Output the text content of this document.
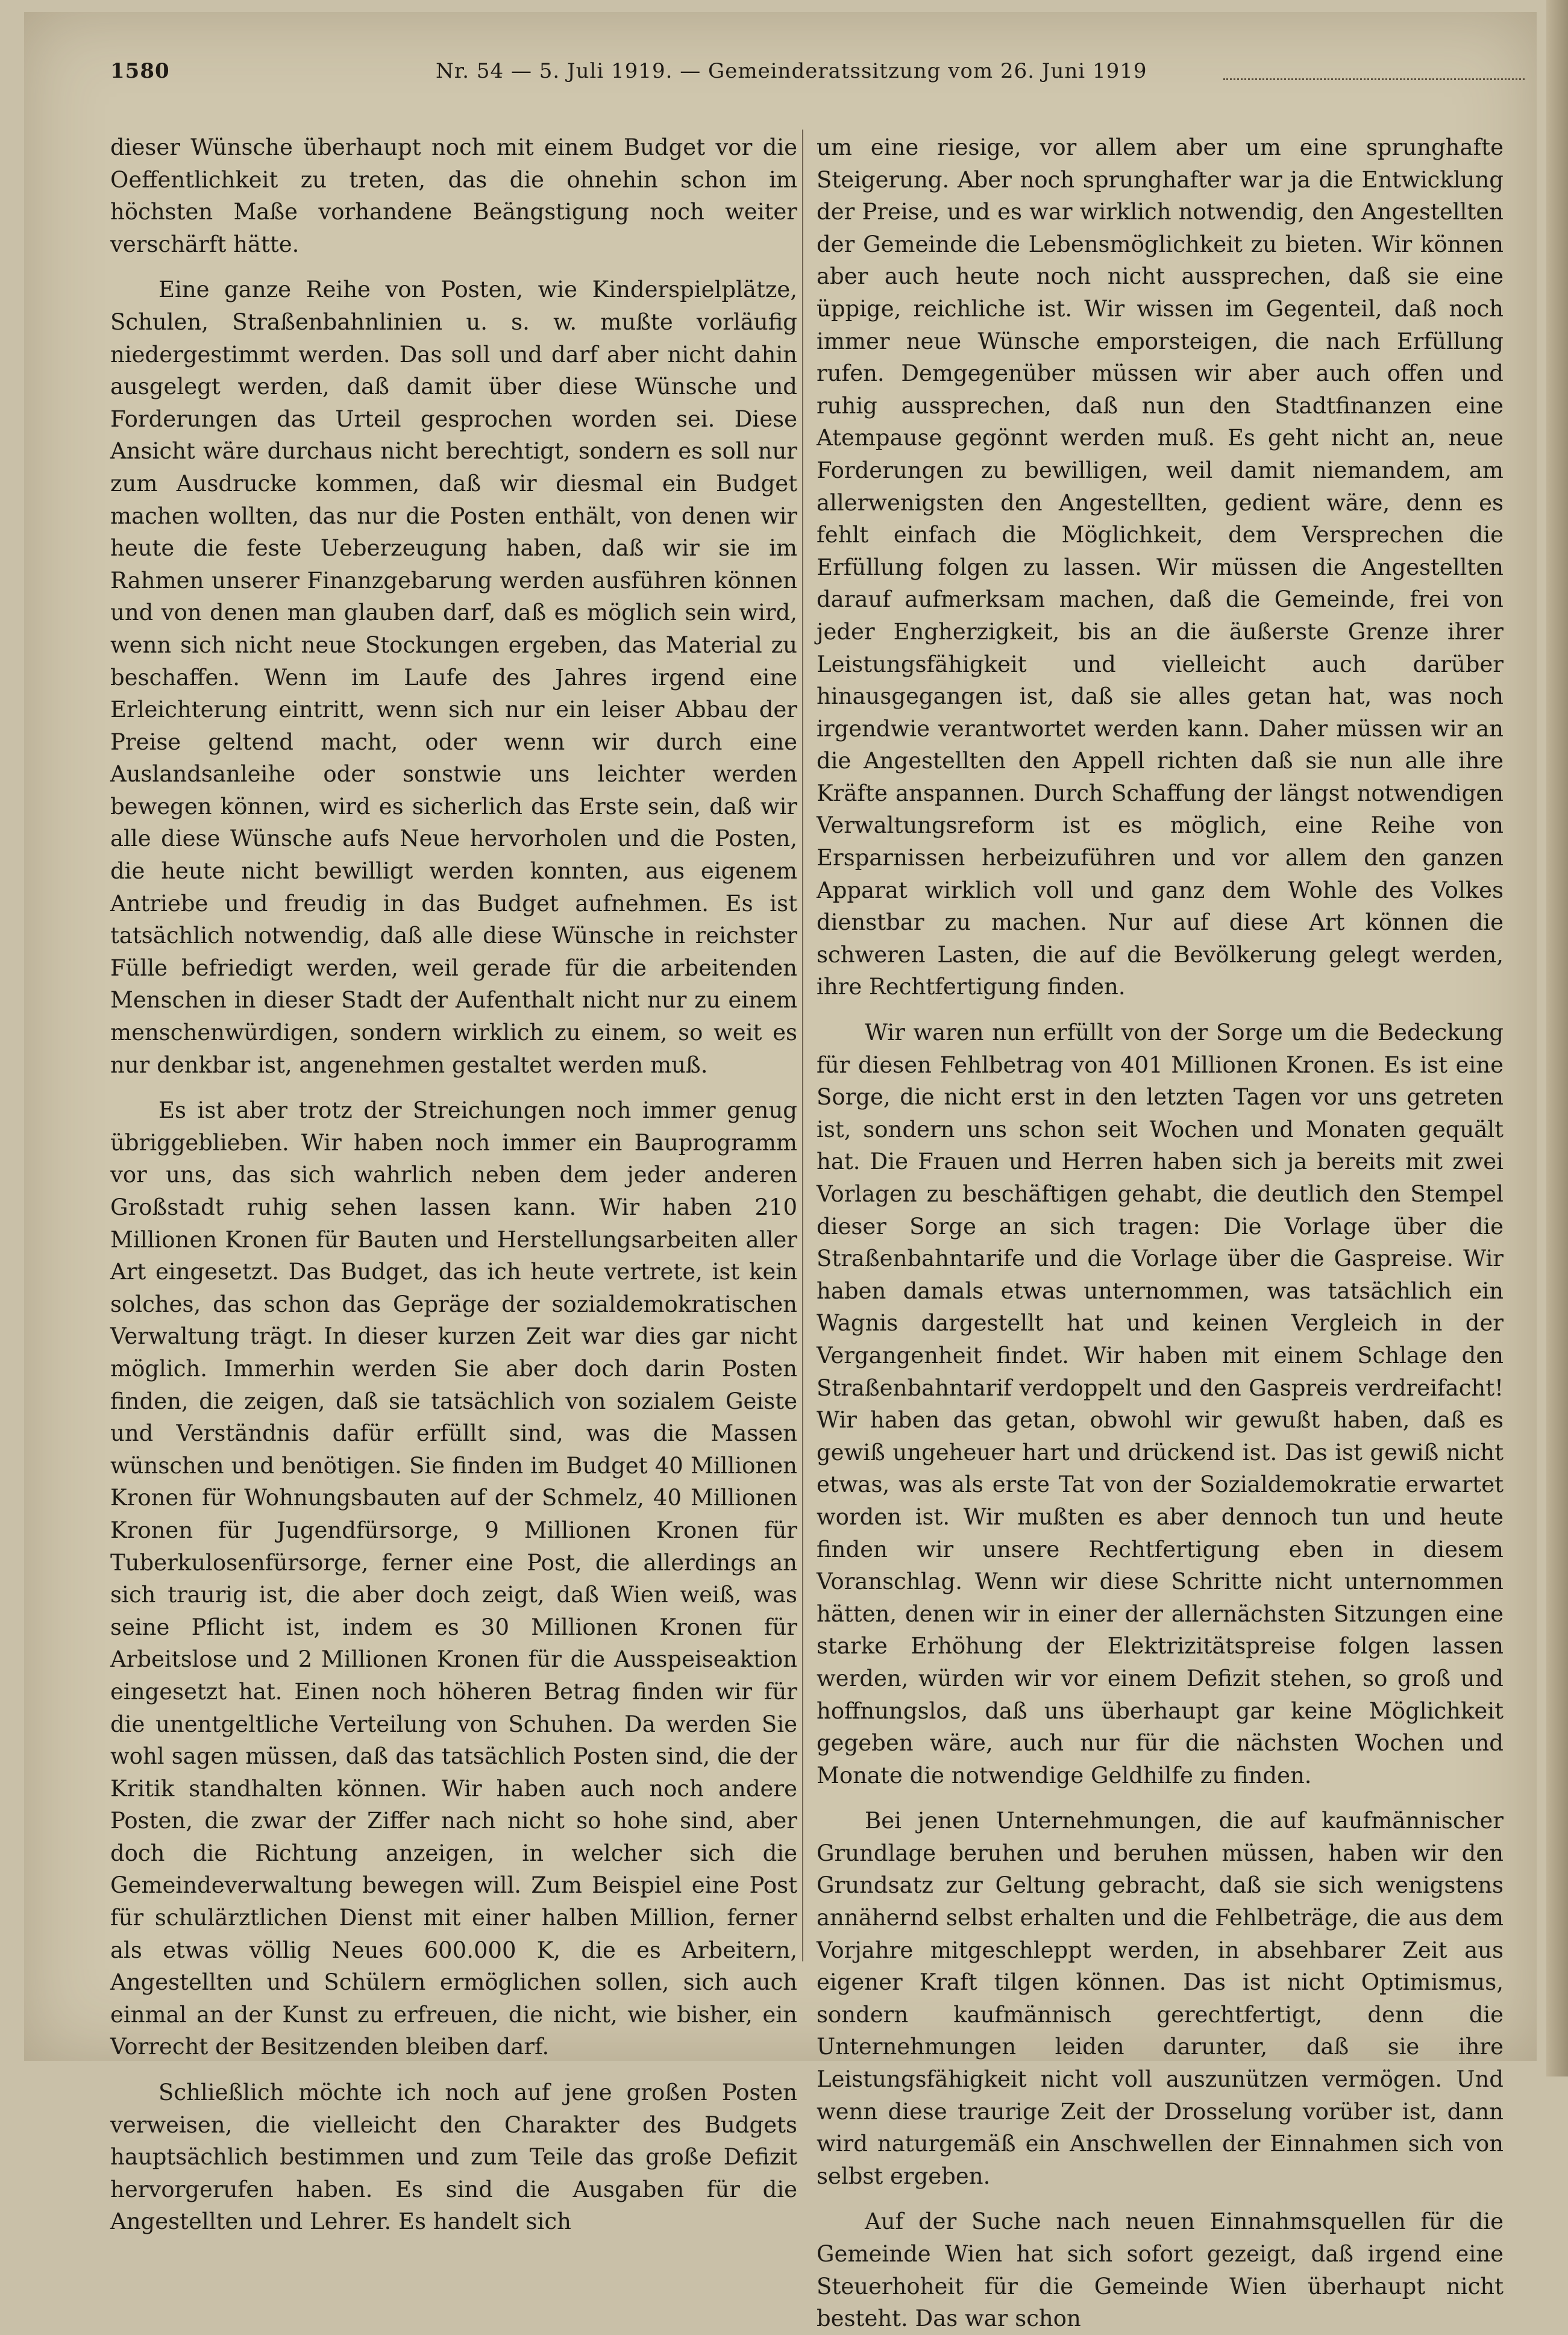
1580	Nr. 54 — 5. Juli 1919. — Gemeinderatssitzung vom 26. Juni 1919

dieser Wünsche überhaupt noch mit einem Budget vor die Oeffentlichkeit zu treten, das die ohnehin schon im höchsten Maße vorhandene Beängstigung noch weiter verschärft hätte.

Eine ganze Reihe von Posten, wie Kinderspielplätze, Schulen, Straßenbahnlinien u. s. w. mußte vorläufig niedergestimmt werden. Das soll und darf aber nicht dahin ausgelegt werden, daß damit über diese Wünsche und Forderungen das Urteil gesprochen worden sei. Diese Ansicht wäre durchaus nicht berechtigt, sondern es soll nur zum Ausdrucke kommen, daß wir diesmal ein Budget machen wollten, das nur die Posten enthält, von denen wir heute die feste Ueberzeugung haben, daß wir sie im Rahmen unserer Finanzgebarung werden ausführen können und von denen man glauben darf, daß es möglich sein wird, wenn sich nicht neue Stockungen ergeben, das Material zu beschaffen. Wenn im Laufe des Jahres irgend eine Erleichterung eintritt, wenn sich nur ein leiser Abbau der Preise geltend macht, oder wenn wir durch eine Auslandsanleihe oder sonstwie uns leichter werden bewegen können, wird es sicherlich das Erste sein, daß wir alle diese Wünsche aufs Neue hervorholen und die Posten, die heute nicht bewilligt werden konnten, aus eigenem Antriebe und freudig in das Budget aufnehmen. Es ist tatsächlich notwendig, daß alle diese Wünsche in reichster Fülle befriedigt werden, weil gerade für die arbeitenden Menschen in dieser Stadt der Aufenthalt nicht nur zu einem menschenwürdigen, sondern wirklich zu einem, so weit es nur denkbar ist, angenehmen gestaltet werden muß.

Es ist aber trotz der Streichungen noch immer genug übriggeblieben. Wir haben noch immer ein Bauprogramm vor uns, das sich wahrlich neben dem jeder anderen Großstadt ruhig sehen lassen kann. Wir haben 210 Millionen Kronen für Bauten und Herstellungsarbeiten aller Art eingesetzt. Das Budget, das ich heute vertrete, ist kein solches, das schon das Gepräge der sozialdemokratischen Verwaltung trägt. In dieser kurzen Zeit war dies gar nicht möglich. Immerhin werden Sie aber doch darin Posten finden, die zeigen, daß sie tatsächlich von sozialem Geiste und Verständnis dafür erfüllt sind, was die Massen wünschen und benötigen. Sie finden im Budget 40 Millionen Kronen für Wohnungsbauten auf der Schmelz, 40 Millionen Kronen für Jugendfürsorge, 9 Millionen Kronen für Tuberkulosenfürsorge, ferner eine Post, die allerdings an sich traurig ist, die aber doch zeigt, daß Wien weiß, was seine Pflicht ist, indem es 30 Millionen Kronen für Arbeitslose und 2 Millionen Kronen für die Ausspeiseaktion eingesetzt hat. Einen noch höheren Betrag finden wir für die unentgeltliche Verteilung von Schuhen. Da werden Sie wohl sagen müssen, daß das tatsächlich Posten sind, die der Kritik standhalten können. Wir haben auch noch andere Posten, die zwar der Ziffer nach nicht so hohe sind, aber doch die Richtung anzeigen, in welcher sich die Gemeindeverwaltung bewegen will. Zum Beispiel eine Post für schulärztlichen Dienst mit einer halben Million, ferner als etwas völlig Neues 600.000 K, die es Arbeitern, Angestellten und Schülern ermöglichen sollen, sich auch einmal an der Kunst zu erfreuen, die nicht, wie bisher, ein Vorrecht der Besitzenden bleiben darf.

Schließlich möchte ich noch auf jene großen Posten verweisen, die vielleicht den Charakter des Budgets hauptsächlich bestimmen und zum Teile das große Defizit hervorgerufen haben. Es sind die Ausgaben für die Angestellten und Lehrer. Es handelt sich

um eine riesige, vor allem aber um eine sprunghafte Steigerung. Aber noch sprunghafter war ja die Entwicklung der Preise, und es war wirklich notwendig, den Angestellten der Gemeinde die Lebensmöglichkeit zu bieten. Wir können aber auch heute noch nicht aussprechen, daß sie eine üppige, reichliche ist. Wir wissen im Gegenteil, daß noch immer neue Wünsche emporsteigen, die nach Erfüllung rufen. Demgegenüber müssen wir aber auch offen und ruhig aussprechen, daß nun den Stadtfinanzen eine Atempause gegönnt werden muß. Es geht nicht an, neue Forderungen zu bewilligen, weil damit niemandem, am allerwenigsten den Angestellten, gedient wäre, denn es fehlt einfach die Möglichkeit, dem Versprechen die Erfüllung folgen zu lassen. Wir müssen die Angestellten darauf aufmerksam machen, daß die Gemeinde, frei von jeder Engherzigkeit, bis an die äußerste Grenze ihrer Leistungsfähigkeit und vielleicht auch darüber hinausgegangen ist, daß sie alles getan hat, was noch irgendwie verantwortet werden kann. Daher müssen wir an die Angestellten den Appell richten daß sie nun alle ihre Kräfte anspannen. Durch Schaffung der längst notwendigen Verwaltungsreform ist es möglich, eine Reihe von Ersparnissen herbeizuführen und vor allem den ganzen Apparat wirklich voll und ganz dem Wohle des Volkes dienstbar zu machen. Nur auf diese Art können die schweren Lasten, die auf die Bevölkerung gelegt werden, ihre Rechtfertigung finden.

Wir waren nun erfüllt von der Sorge um die Bedeckung für diesen Fehlbetrag von 401 Millionen Kronen. Es ist eine Sorge, die nicht erst in den letzten Tagen vor uns getreten ist, sondern uns schon seit Wochen und Monaten gequält hat. Die Frauen und Herren haben sich ja bereits mit zwei Vorlagen zu beschäftigen gehabt, die deutlich den Stempel dieser Sorge an sich tragen: Die Vorlage über die Straßenbahntarife und die Vorlage über die Gaspreise. Wir haben damals etwas unternommen, was tatsächlich ein Wagnis dargestellt hat und keinen Vergleich in der Vergangenheit findet. Wir haben mit einem Schlage den Straßenbahntarif verdoppelt und den Gaspreis verdreifacht! Wir haben das getan, obwohl wir gewußt haben, daß es gewiß ungeheuer hart und drückend ist. Das ist gewiß nicht etwas, was als erste Tat von der Sozialdemokratie erwartet worden ist. Wir mußten es aber dennoch tun und heute finden wir unsere Rechtfertigung eben in diesem Voranschlag. Wenn wir diese Schritte nicht unternommen hätten, denen wir in einer der allernächsten Sitzungen eine starke Erhöhung der Elektrizitätspreise folgen lassen werden, würden wir vor einem Defizit stehen, so groß und hoffnungslos, daß uns überhaupt gar keine Möglichkeit gegeben wäre, auch nur für die nächsten Wochen und Monate die notwendige Geldhilfe zu finden.

Bei jenen Unternehmungen, die auf kaufmännischer Grundlage beruhen und beruhen müssen, haben wir den Grundsatz zur Geltung gebracht, daß sie sich wenigstens annähernd selbst erhalten und die Fehlbeträge, die aus dem Vorjahre mitgeschleppt werden, in absehbarer Zeit aus eigener Kraft tilgen können. Das ist nicht Optimismus, sondern kaufmännisch gerechtfertigt, denn die Unternehmungen leiden darunter, daß sie ihre Leistungsfähigkeit nicht voll auszunützen vermögen. Und wenn diese traurige Zeit der Drosselung vorüber ist, dann wird naturgemäß ein Anschwellen der Einnahmen sich von selbst ergeben.

Auf der Suche nach neuen Einnahmsquellen für die Gemeinde Wien hat sich sofort gezeigt, daß irgend eine Steuerhoheit für die Gemeinde Wien überhaupt nicht besteht. Das war schon
